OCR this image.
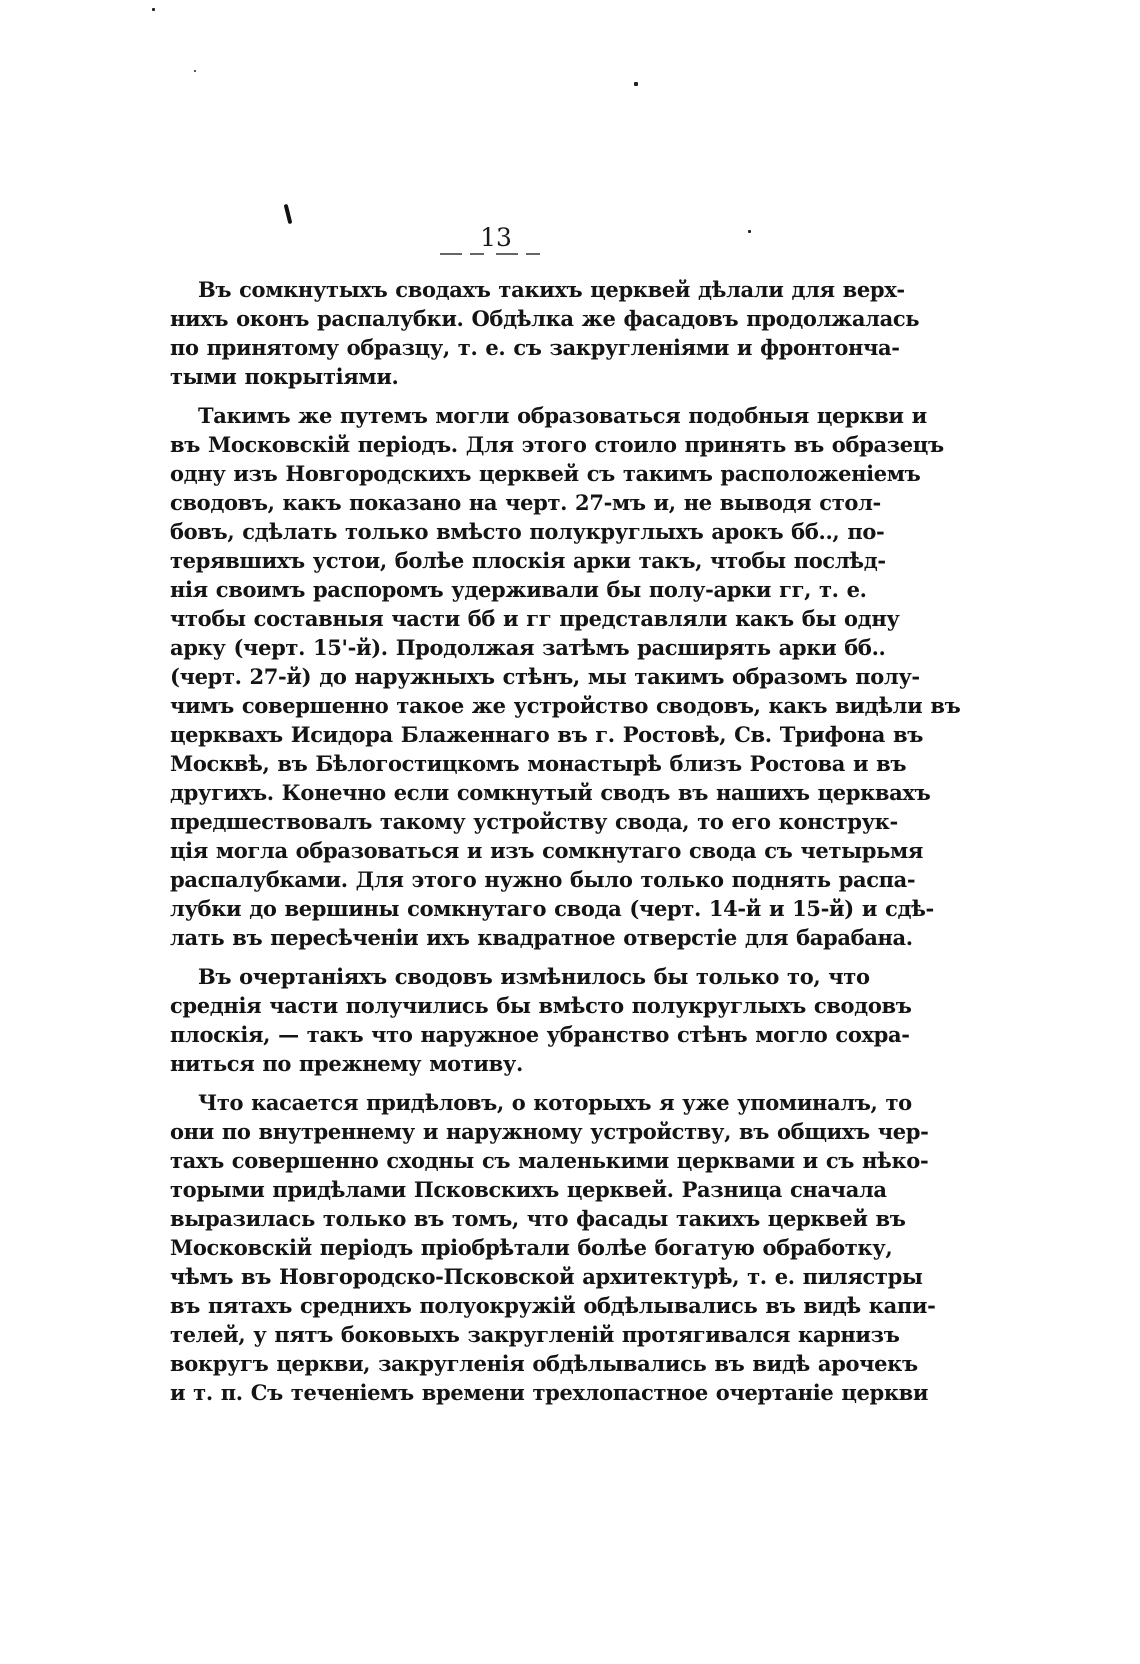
13
Въ сомкнутыхъ сводахъ такихъ церквей дѣлали для верх-
нихъ оконъ распалубки. Обдѣлка же фасадовъ продолжалась
по принятому образцу, т. е. съ закругленіями и фронтонча-
тыми покрытіями.
Такимъ же путемъ могли образоваться подобныя церкви и
въ Московскій періодъ. Для этого стоило принять въ образецъ
одну изъ Новгородскихъ церквей съ такимъ расположеніемъ
сводовъ, какъ показано на черт. 27-мъ и, не выводя стол-
бовъ, сдѣлать только вмѣсто полукруглыхъ арокъ бб.., по-
терявшихъ устои, болѣе плоскія арки такъ, чтобы послѣд-
нія своимъ распоромъ удерживали бы полу-арки гг, т. е.
чтобы составныя части бб и гг представляли какъ бы одну
арку (черт. 15'-й). Продолжая затѣмъ расширять арки бб..
(черт. 27-й) до наружныхъ стѣнъ, мы такимъ образомъ полу-
чимъ совершенно такое же устройство сводовъ, какъ видѣли въ
церквахъ Исидора Блаженнаго въ г. Ростовѣ, Св. Трифона въ
Москвѣ, въ Бѣлогостицкомъ монастырѣ близъ Ростова и въ
другихъ. Конечно если сомкнутый сводъ въ нашихъ церквахъ
предшествовалъ такому устройству свода, то его конструк-
ція могла образоваться и изъ сомкнутаго свода съ четырьмя
распалубками. Для этого нужно было только поднять распа-
лубки до вершины сомкнутаго свода (черт. 14-й и 15-й) и сдѣ-
лать въ пересѣченіи ихъ квадратное отверстіе для барабана.
Въ очертаніяхъ сводовъ измѣнилось бы только то, что
среднія части получились бы вмѣсто полукруглыхъ сводовъ
плоскія, — такъ что наружное убранство стѣнъ могло сохра-
ниться по прежнему мотиву.
Что касается придѣловъ, о которыхъ я уже упоминалъ, то
они по внутреннему и наружному устройству, въ общихъ чер-
тахъ совершенно сходны съ маленькими церквами и съ нѣко-
торыми придѣлами Псковскихъ церквей. Разница сначала
выразилась только въ томъ, что фасады такихъ церквей въ
Московскій періодъ пріобрѣтали болѣе богатую обработку,
чѣмъ въ Новгородско-Псковской архитектурѣ, т. е. пилястры
въ пятахъ среднихъ полуокружій обдѣлывались въ видѣ капи-
телей, у пятъ боковыхъ закругленій протягивался карнизъ
вокругъ церкви, закругленія обдѣлывались въ видѣ арочекъ
и т. п. Съ теченіемъ времени трехлопастное очертаніе церкви
